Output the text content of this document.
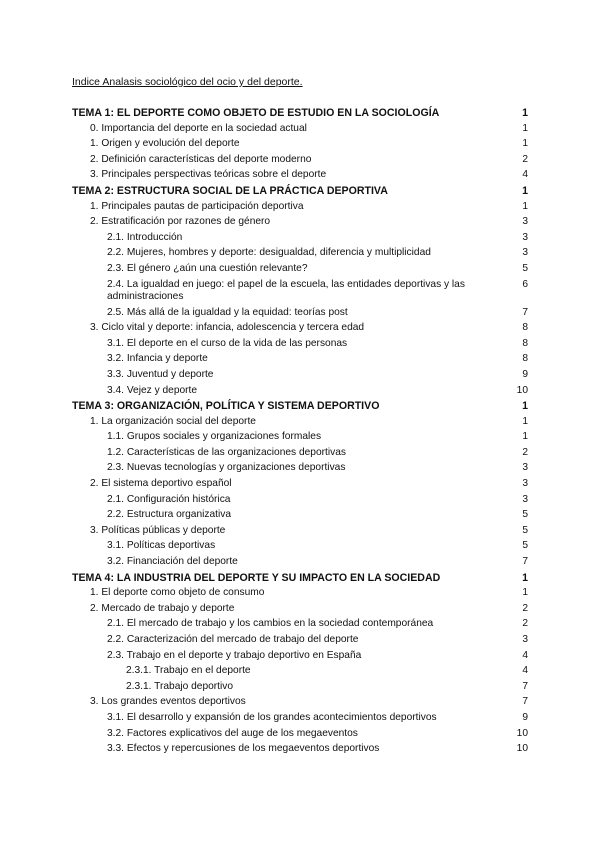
Indice Analasis sociológico del ocio y del deporte.
TEMA 1: EL DEPORTE COMO OBJETO DE ESTUDIO EN LA SOCIOLOGÍA	1
0. Importancia del deporte en la sociedad actual	1
1. Origen y evolución del deporte	1
2. Definición características del deporte moderno	2
3. Principales perspectivas teóricas sobre el deporte	4
TEMA 2: ESTRUCTURA SOCIAL DE LA PRÁCTICA DEPORTIVA	1
1. Principales pautas de participación deportiva	1
2. Estratificación por razones de género	3
2.1. Introducción	3
2.2. Mujeres, hombres y deporte: desigualdad, diferencia y multiplicidad	3
2.3. El género ¿aún una cuestión relevante?	5
2.4. La igualdad en juego: el papel de la escuela, las entidades deportivas y las administraciones
6
2.5. Más allá de la igualdad y la equidad: teorías post	7
3. Ciclo vital y deporte: infancia, adolescencia y tercera edad	8
3.1. El deporte en el curso de la vida de las personas	8
3.2. Infancia y deporte	8
3.3. Juventud y deporte	9
3.4. Vejez y deporte	10
TEMA 3: ORGANIZACIÓN, POLÍTICA Y SISTEMA DEPORTIVO	1
1. La organización social del deporte	1
1.1. Grupos sociales y organizaciones formales	1
1.2. Características de las organizaciones deportivas	2
2.3. Nuevas tecnologías y organizaciones deportivas	3
2. El sistema deportivo español	3
2.1. Configuración histórica	3
2.2. Estructura organizativa	5
3. Políticas públicas y deporte	5
3.1. Políticas deportivas	5
3.2. Financiación del deporte	7
TEMA 4: LA INDUSTRIA DEL DEPORTE Y SU IMPACTO EN LA SOCIEDAD	1
1. El deporte como objeto de consumo	1
2. Mercado de trabajo y deporte	2
2.1. El mercado de trabajo y los cambios en la sociedad contemporánea	2
2.2. Caracterización del mercado de trabajo del deporte	3
2.3. Trabajo en el deporte y trabajo deportivo en España	4
2.3.1. Trabajo en el deporte	4
2.3.1. Trabajo deportivo	7
3. Los grandes eventos deportivos	7
3.1. El desarrollo y expansión de los grandes acontecimientos deportivos	9
3.2. Factores explicativos del auge de los megaeventos	10
3.3. Efectos y repercusiones de los megaeventos deportivos	10
